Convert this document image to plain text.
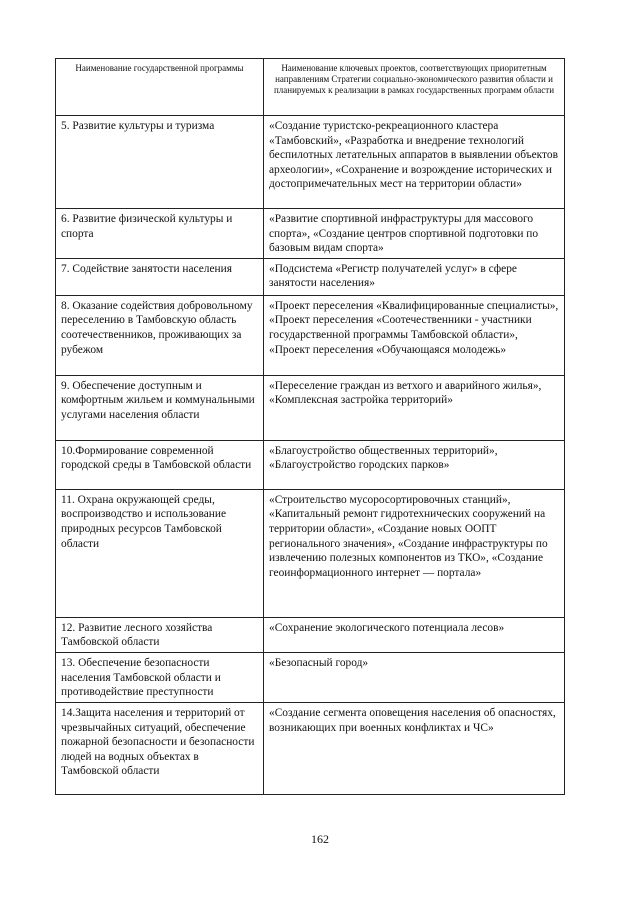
Наименование государственной программы	Наименование ключевых проектов, соответствующих приоритетным направлениям Стратегии социально-экономического развития области и планируемых к реализации в рамках государственных программ области
5. Развитие культуры и туризма	«Создание туристско-рекреационного кластера «Тамбовский», «Разработка и внедрение технологий беспилотных летательных аппаратов в выявлении объектов археологии», «Сохранение и возрождение исторических и достопримечательных мест на территории области»
6. Развитие физической культуры и спорта	«Развитие спортивной инфраструктуры для массового спорта», «Создание центров спортивной подготовки по базовым видам спорта»
7. Содействие занятости населения	«Подсистема «Регистр получателей услуг» в сфере занятости населения»
8. Оказание содействия добровольному переселению в Тамбовскую область соотечественников, проживающих за рубежом	«Проект переселения «Квалифицированные специалисты», «Проект переселения «Соотечественники - участники государственной программы Тамбовской области», «Проект переселения «Обучающаяся молодежь»
9. Обеспечение доступным и комфортным жильем и коммунальными услугами населения области	«Переселение граждан из ветхого и аварийного жилья», «Комплексная застройка территорий»
10.Формирование современной городской среды в Тамбовской области	«Благоустройство общественных территорий», «Благоустройство городских парков»
11. Охрана окружающей среды, воспроизводство и использование природных ресурсов Тамбовской области	«Строительство мусоросортировочных станций», «Капитальный ремонт гидротехнических сооружений на территории области», «Создание новых ООПТ регионального значения», «Создание инфраструктуры по извлечению полезных компонентов из ТКО», «Создание геоинформационного интернет — портала»
12. Развитие лесного хозяйства Тамбовской области	«Сохранение экологического потенциала лесов»
13. Обеспечение безопасности населения Тамбовской области и противодействие преступности	«Безопасный город»
14.Защита населения и территорий от чрезвычайных ситуаций, обеспечение пожарной безопасности и безопасности людей на водных объектах в Тамбовской области	«Создание сегмента оповещения населения об опасностях, возникающих при военных конфликтах и ЧС»
162
